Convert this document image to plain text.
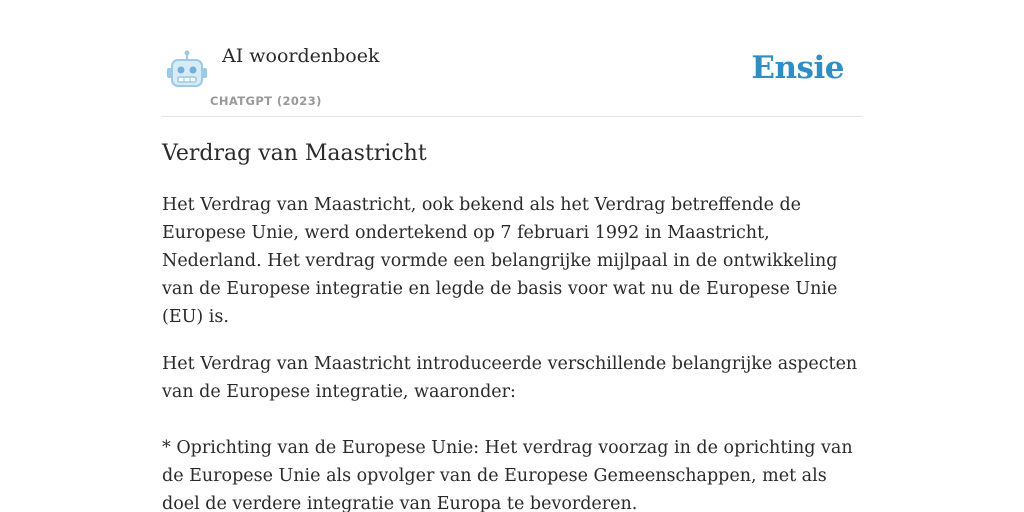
AI woordenboek
CHATGPT (2023)
Ensie
Verdrag van Maastricht

Het Verdrag van Maastricht, ook bekend als het Verdrag betreffende de Europese Unie, werd ondertekend op 7 februari 1992 in Maastricht, Nederland. Het verdrag vormde een belangrijke mijlpaal in de ontwikkeling van de Europese integratie en legde de basis voor wat nu de Europese Unie (EU) is.

Het Verdrag van Maastricht introduceerde verschillende belangrijke aspecten van de Europese integratie, waaronder:

* Oprichting van de Europese Unie: Het verdrag voorzag in de oprichting van de Europese Unie als opvolger van de Europese Gemeenschappen, met als doel de verdere integratie van Europa te bevorderen.
